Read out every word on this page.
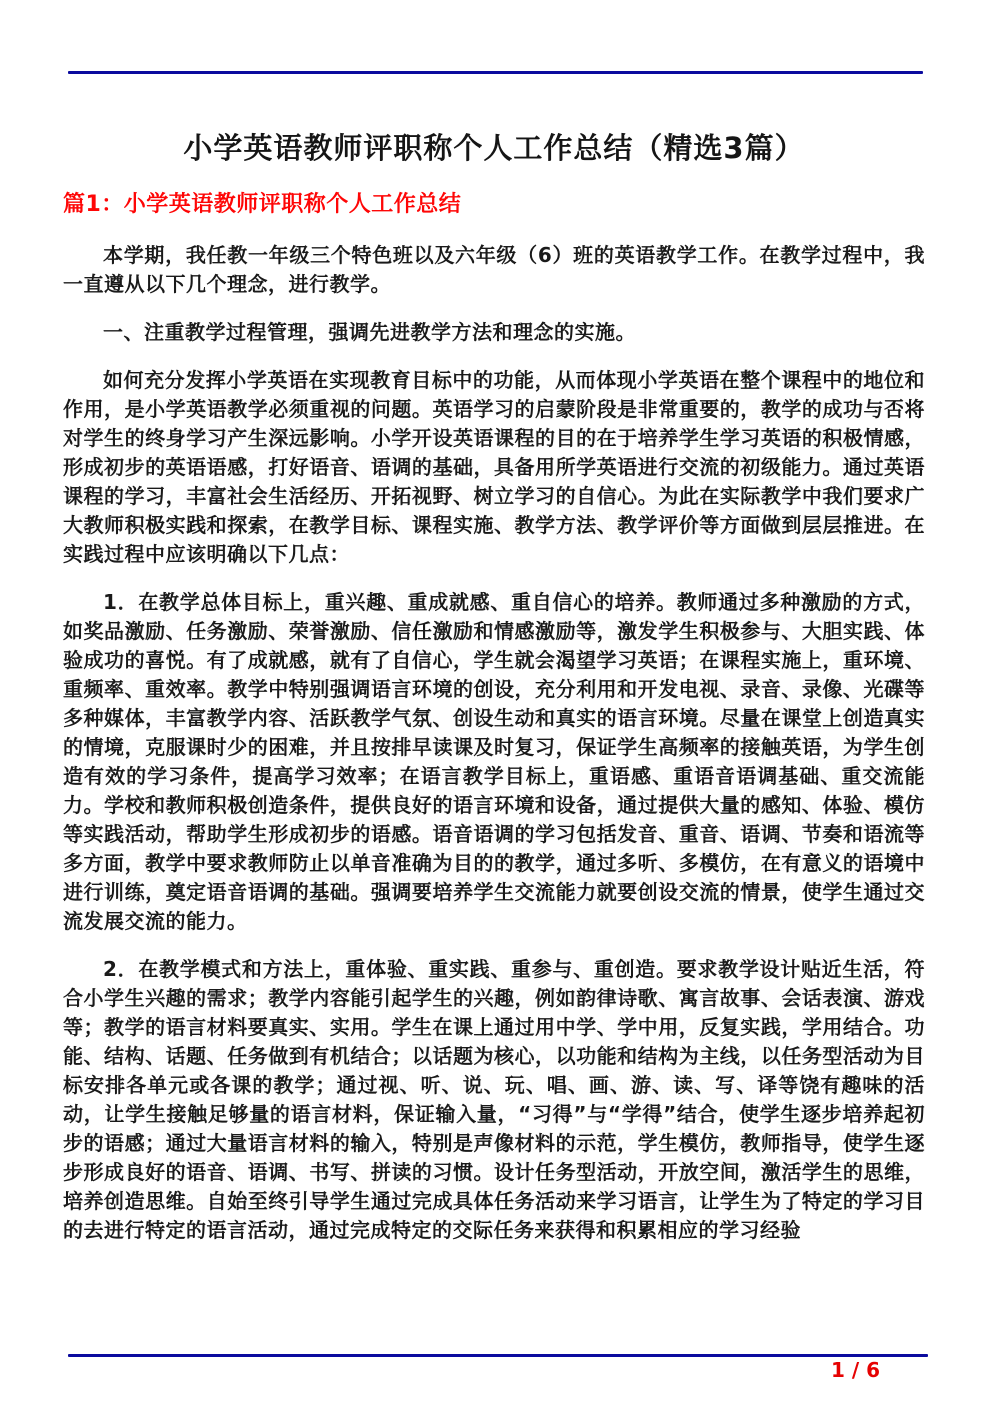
小学英语教师评职称个人工作总结（精选3篇）
篇1：小学英语教师评职称个人工作总结

本学期，我任教一年级三个特色班以及六年级（6）班的英语教学工作。在教学过程中，我一直遵从以下几个理念，进行教学。

一、注重教学过程管理，强调先进教学方法和理念的实施。

如何充分发挥小学英语在实现教育目标中的功能，从而体现小学英语在整个课程中的地位和作用，是小学英语教学必须重视的问题。英语学习的启蒙阶段是非常重要的，教学的成功与否将对学生的终身学习产生深远影响。小学开设英语课程的目的在于培养学生学习英语的积极情感，形成初步的英语语感，打好语音、语调的基础，具备用所学英语进行交流的初级能力。通过英语课程的学习，丰富社会生活经历、开拓视野、树立学习的自信心。为此在实际教学中我们要求广大教师积极实践和探索，在教学目标、课程实施、教学方法、教学评价等方面做到层层推进。在实践过程中应该明确以下几点：

1．在教学总体目标上，重兴趣、重成就感、重自信心的培养。教师通过多种激励的方式，如奖品激励、任务激励、荣誉激励、信任激励和情感激励等，激发学生积极参与、大胆实践、体验成功的喜悦。有了成就感，就有了自信心，学生就会渴望学习英语；在课程实施上，重环境、重频率、重效率。教学中特别强调语言环境的创设，充分利用和开发电视、录音、录像、光碟等多种媒体，丰富教学内容、活跃教学气氛、创设生动和真实的语言环境。尽量在课堂上创造真实的情境，克服课时少的困难，并且按排早读课及时复习，保证学生高频率的接触英语，为学生创造有效的学习条件，提高学习效率；在语言教学目标上，重语感、重语音语调基础、重交流能力。学校和教师积极创造条件，提供良好的语言环境和设备，通过提供大量的感知、体验、模仿等实践活动，帮助学生形成初步的语感。语音语调的学习包括发音、重音、语调、节奏和语流等多方面，教学中要求教师防止以单音准确为目的的教学，通过多听、多模仿，在有意义的语境中进行训练，奠定语音语调的基础。强调要培养学生交流能力就要创设交流的情景，使学生通过交流发展交流的能力。

2．在教学模式和方法上，重体验、重实践、重参与、重创造。要求教学设计贴近生活，符合小学生兴趣的需求；教学内容能引起学生的兴趣，例如韵律诗歌、寓言故事、会话表演、游戏等；教学的语言材料要真实、实用。学生在课上通过用中学、学中用，反复实践，学用结合。功能、结构、话题、任务做到有机结合；以话题为核心，以功能和结构为主线，以任务型活动为目标安排各单元或各课的教学；通过视、听、说、玩、唱、画、游、读、写、译等饶有趣味的活动，让学生接触足够量的语言材料，保证输入量，“习得”与“学得”结合，使学生逐步培养起初步的语感；通过大量语言材料的输入，特别是声像材料的示范，学生模仿，教师指导，使学生逐步形成良好的语音、语调、书写、拼读的习惯。设计任务型活动，开放空间，激活学生的思维，培养创造思维。自始至终引导学生通过完成具体任务活动来学习语言，让学生为了特定的学习目的去进行特定的语言活动，通过完成特定的交际任务来获得和积累相应的学习经验

1 / 6
